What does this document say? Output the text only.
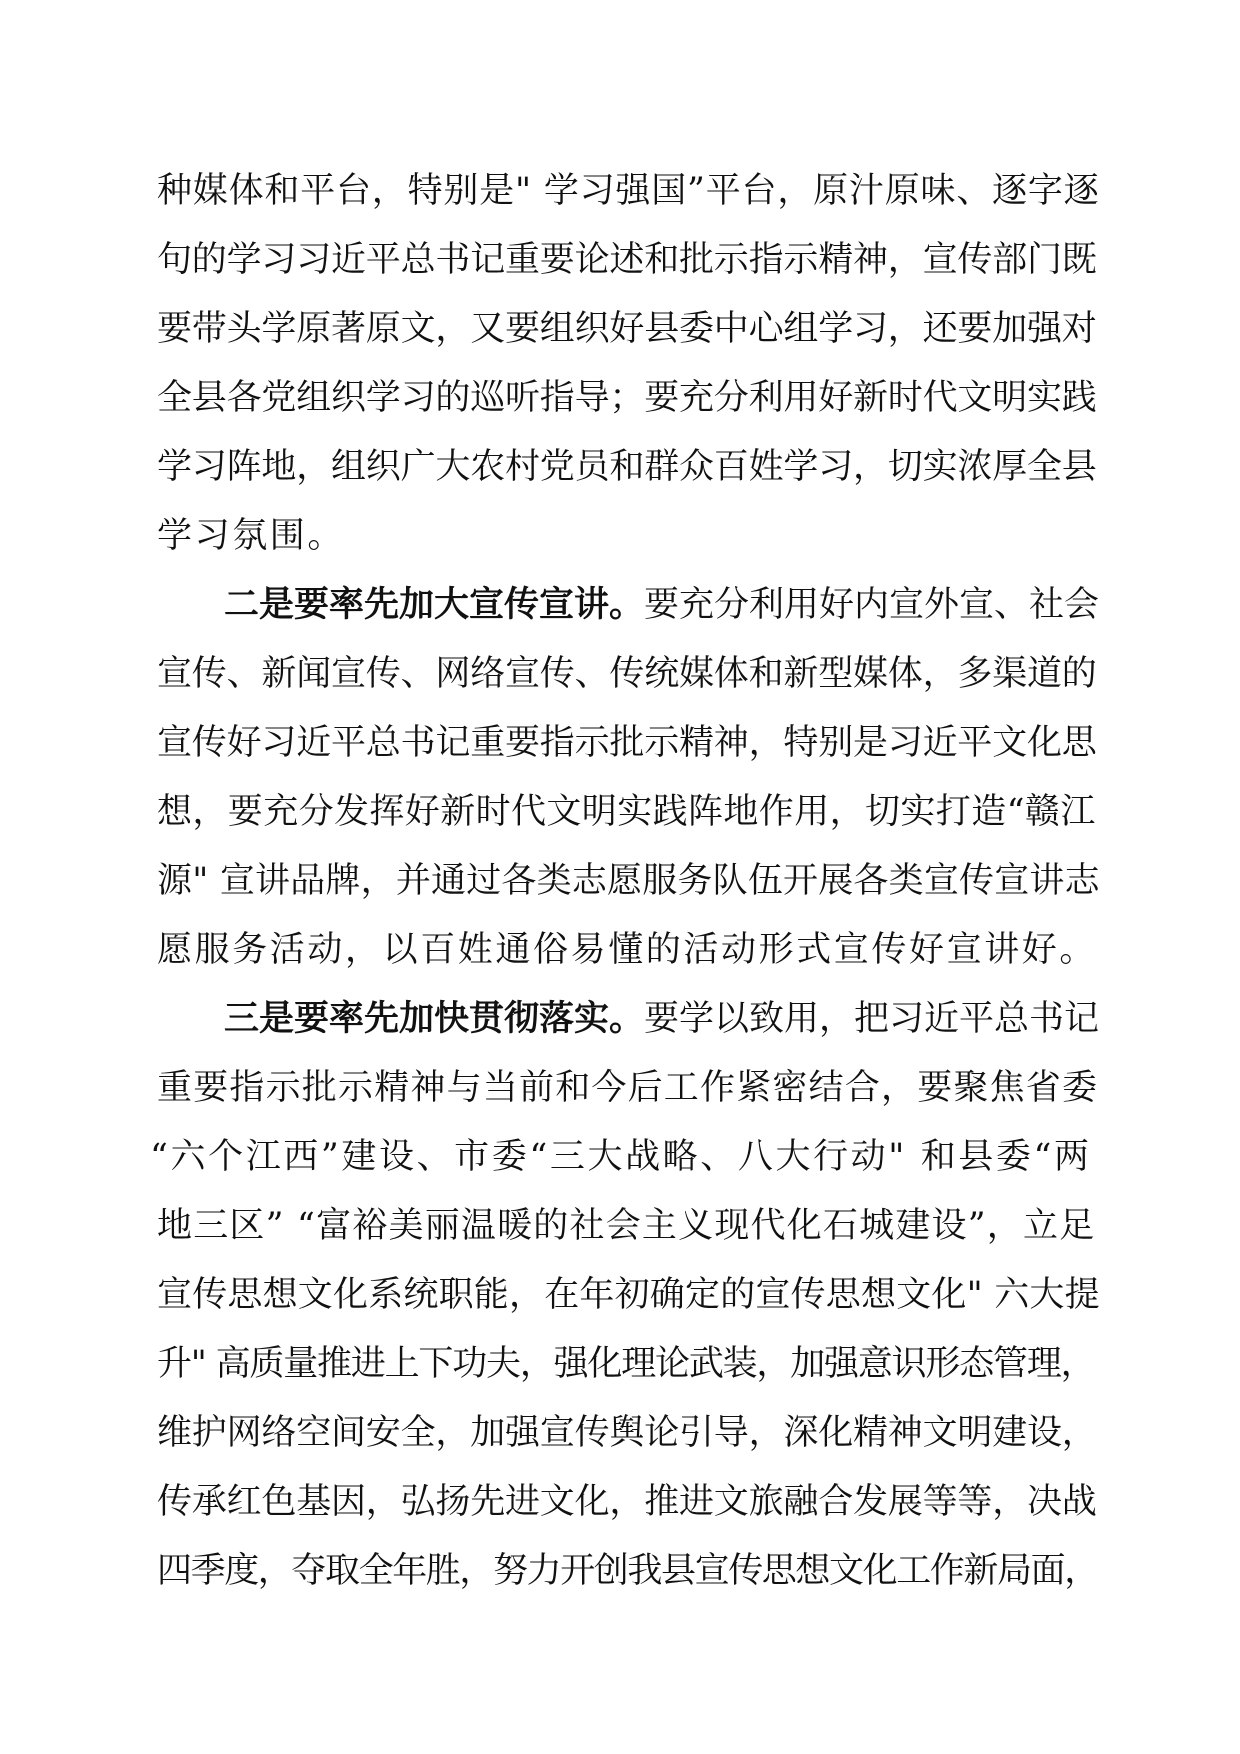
种媒体和平台，特别是" 学习强国”平台，原汁原味、逐字逐
句的学习习近平总书记重要论述和批示指示精神，宣传部门既
要带头学原著原文，又要组织好县委中心组学习，还要加强对
全县各党组织学习的巡听指导；要充分利用好新时代文明实践
学习阵地，组织广大农村党员和群众百姓学习，切实浓厚全县
学习氛围。
二是要率先加大宣传宣讲。要充分利用好内宣外宣、社会
宣传、新闻宣传、网络宣传、传统媒体和新型媒体，多渠道的
宣传好习近平总书记重要指示批示精神，特别是习近平文化思
想，要充分发挥好新时代文明实践阵地作用，切实打造“赣江
源" 宣讲品牌，并通过各类志愿服务队伍开展各类宣传宣讲志
愿服务活动，以百姓通俗易懂的活动形式宣传好宣讲好。
三是要率先加快贯彻落实。要学以致用，把习近平总书记
重要指示批示精神与当前和今后工作紧密结合，要聚焦省委
“六个江西”建设、市委“三大战略、八大行动" 和县委“两
地三区” “富裕美丽温暖的社会主义现代化石城建设”，立足
宣传思想文化系统职能，在年初确定的宣传思想文化" 六大提
升" 高质量推进上下功夫，强化理论武装，加强意识形态管理，
维护网络空间安全，加强宣传舆论引导，深化精神文明建设，
传承红色基因，弘扬先进文化，推进文旅融合发展等等，决战
四季度，夺取全年胜，努力开创我县宣传思想文化工作新局面，
